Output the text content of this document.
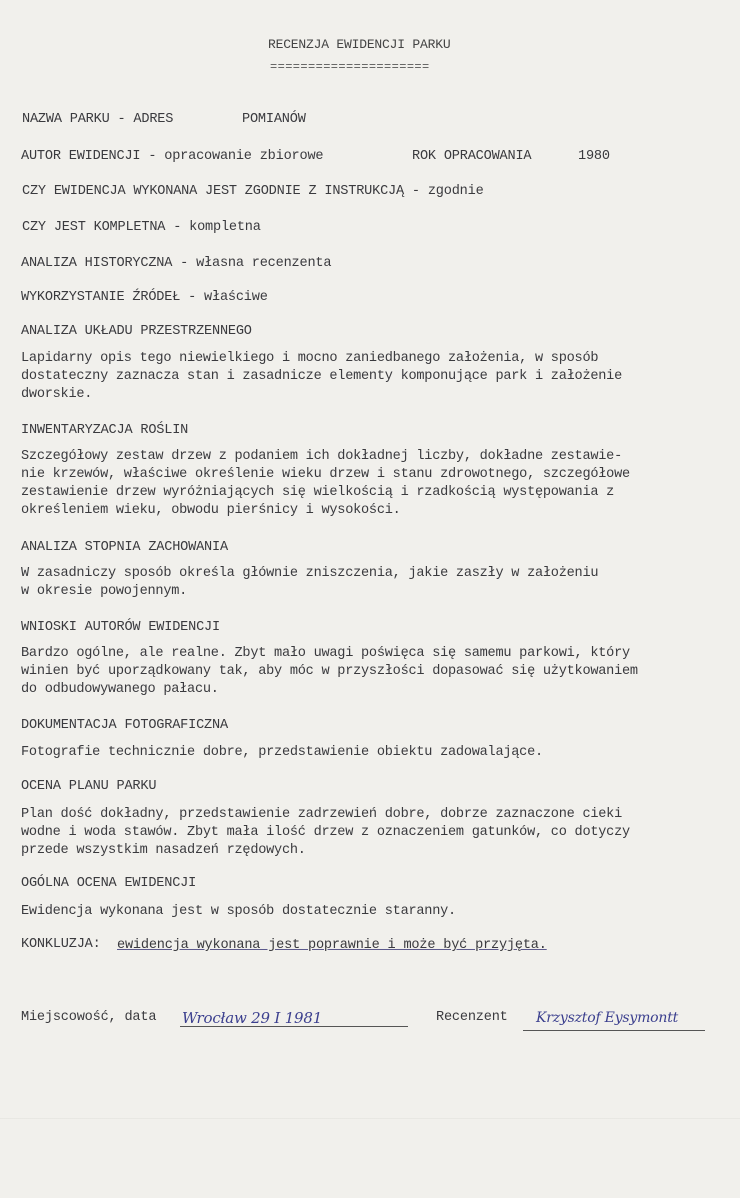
RECENZJA EWIDENCJI PARKU
=====================
NAZWA PARKU - ADRES	POMIANÓW
AUTOR EWIDENCJI - opracowanie zbiorowe	ROK OPRACOWANIA	1980
CZY EWIDENCJA WYKONANA JEST ZGODNIE Z INSTRUKCJĄ - zgodnie
CZY JEST KOMPLETNA - kompletna
ANALIZA HISTORYCZNA - własna recenzenta
WYKORZYSTANIE ŹRÓDEŁ - właściwe
ANALIZA UKŁADU PRZESTRZENNEGO
Lapidarny opis tego niewielkiego i mocno zaniedbanego założenia, w sposób
dostateczny zaznacza stan i zasadnicze elementy komponujące park i założenie
dworskie.
INWENTARYZACJA ROŚLIN
Szczegółowy zestaw drzew z podaniem ich dokładnej liczby, dokładne zestawie-
nie krzewów, właściwe określenie wieku drzew i stanu zdrowotnego, szczegółowe
zestawienie drzew wyróżniających się wielkością i rzadkością występowania z
określeniem wieku, obwodu pierśnicy i wysokości.
ANALIZA STOPNIA ZACHOWANIA
W zasadniczy sposób określa głównie zniszczenia, jakie zaszły w założeniu
w okresie powojennym.
WNIOSKI AUTORÓW EWIDENCJI
Bardzo ogólne, ale realne. Zbyt mało uwagi poświęca się samemu parkowi, który
winien być uporządkowany tak, aby móc w przyszłości dopasować się użytkowaniem
do odbudowywanego pałacu.
DOKUMENTACJA FOTOGRAFICZNA
Fotografie technicznie dobre, przedstawienie obiektu zadowalające.
OCENA PLANU PARKU
Plan dość dokładny, przedstawienie zadrzewień dobre, dobrze zaznaczone cieki
wodne i woda stawów. Zbyt mała ilość drzew z oznaczeniem gatunków, co dotyczy
przede wszystkim nasadzeń rzędowych.
OGÓLNA OCENA EWIDENCJI
Ewidencja wykonana jest w sposób dostatecznie staranny.
KONKLUZJA: ewidencja wykonana jest poprawnie i może być przyjęta.
Miejscowość, data Wrocław 29 I 1981	Recenzent Krzysztof Eysymontt
